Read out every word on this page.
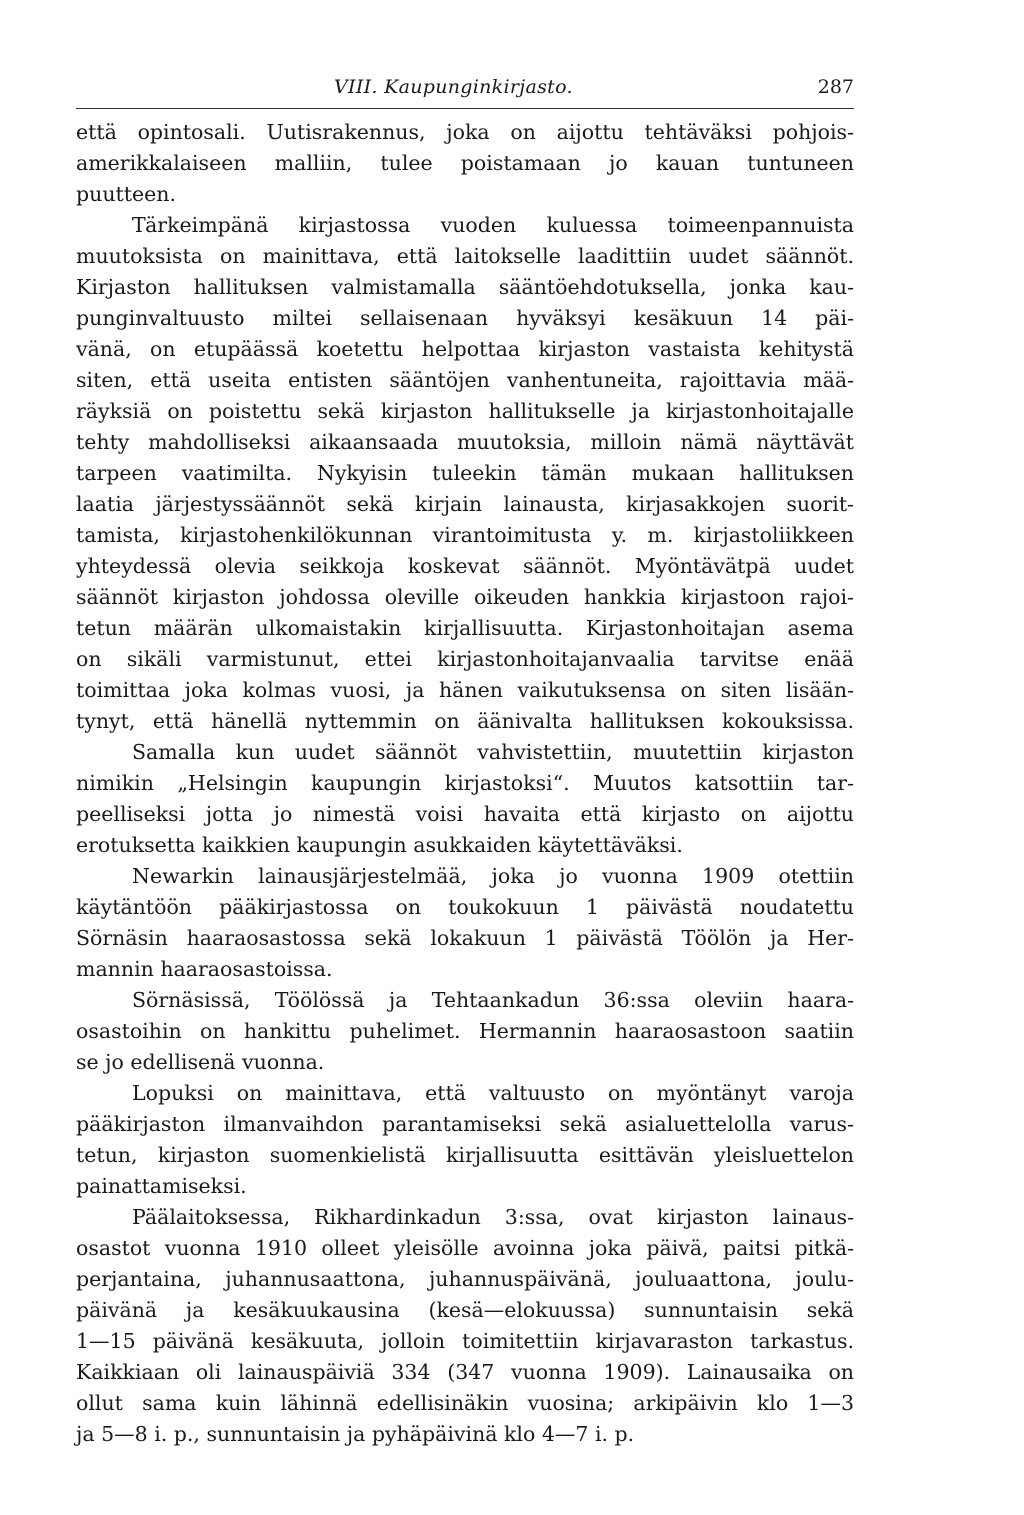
VIII. Kaupunginkirjasto.	287
että opintosali. Uutisrakennus, joka on aijottu tehtäväksi pohjois-
amerikkalaiseen malliin, tulee poistamaan jo kauan tuntuneen
puutteen.
Tärkeimpänä kirjastossa vuoden kuluessa toimeenpannuista
muutoksista on mainittava, että laitokselle laadittiin uudet säännöt.
Kirjaston hallituksen valmistamalla sääntöehdotuksella, jonka kau-
punginvaltuusto miltei sellaisenaan hyväksyi kesäkuun 14 päi-
vänä, on etupäässä koetettu helpottaa kirjaston vastaista kehitystä
siten, että useita entisten sääntöjen vanhentuneita, rajoittavia mää-
räyksiä on poistettu sekä kirjaston hallitukselle ja kirjastonhoitajalle
tehty mahdolliseksi aikaansaada muutoksia, milloin nämä näyttävät
tarpeen vaatimilta. Nykyisin tuleekin tämän mukaan hallituksen
laatia järjestyssäännöt sekä kirjain lainausta, kirjasakkojen suorit-
tamista, kirjastohenkilökunnan virantoimitusta y. m. kirjastoliikkeen
yhteydessä olevia seikkoja koskevat säännöt. Myöntävätpä uudet
säännöt kirjaston johdossa oleville oikeuden hankkia kirjastoon rajoi-
tetun määrän ulkomaistakin kirjallisuutta. Kirjastonhoitajan asema
on sikäli varmistunut, ettei kirjastonhoitajanvaalia tarvitse enää
toimittaa joka kolmas vuosi, ja hänen vaikutuksensa on siten lisään-
tynyt, että hänellä nyttemmin on äänivalta hallituksen kokouksissa.
Samalla kun uudet säännöt vahvistettiin, muutettiin kirjaston
nimikin „Helsingin kaupungin kirjastoksi“. Muutos katsottiin tar-
peelliseksi jotta jo nimestä voisi havaita että kirjasto on aijottu
erotuksetta kaikkien kaupungin asukkaiden käytettäväksi.
Newarkin lainausjärjestelmää, joka jo vuonna 1909 otettiin
käytäntöön pääkirjastossa on toukokuun 1 päivästä noudatettu
Sörnäsin haaraosastossa sekä lokakuun 1 päivästä Töölön ja Her-
mannin haaraosastoissa.
Sörnäsissä, Töölössä ja Tehtaankadun 36:ssa oleviin haara-
osastoihin on hankittu puhelimet. Hermannin haaraosastoon saatiin
se jo edellisenä vuonna.
Lopuksi on mainittava, että valtuusto on myöntänyt varoja
pääkirjaston ilmanvaihdon parantamiseksi sekä asialuettelolla varus-
tetun, kirjaston suomenkielistä kirjallisuutta esittävän yleisluettelon
painattamiseksi.
Päälaitoksessa, Rikhardinkadun 3:ssa, ovat kirjaston lainaus-
osastot vuonna 1910 olleet yleisölle avoinna joka päivä, paitsi pitkä-
perjantaina, juhannusaattona, juhannuspäivänä, jouluaattona, joulu-
päivänä ja kesäkuukausina (kesä—elokuussa) sunnuntaisin sekä
1—15 päivänä kesäkuuta, jolloin toimitettiin kirjavaraston tarkastus.
Kaikkiaan oli lainauspäiviä 334 (347 vuonna 1909). Lainausaika on
ollut sama kuin lähinnä edellisinäkin vuosina; arkipäivin klo 1—3
ja 5—8 i. p., sunnuntaisin ja pyhäpäivinä klo 4—7 i. p.
